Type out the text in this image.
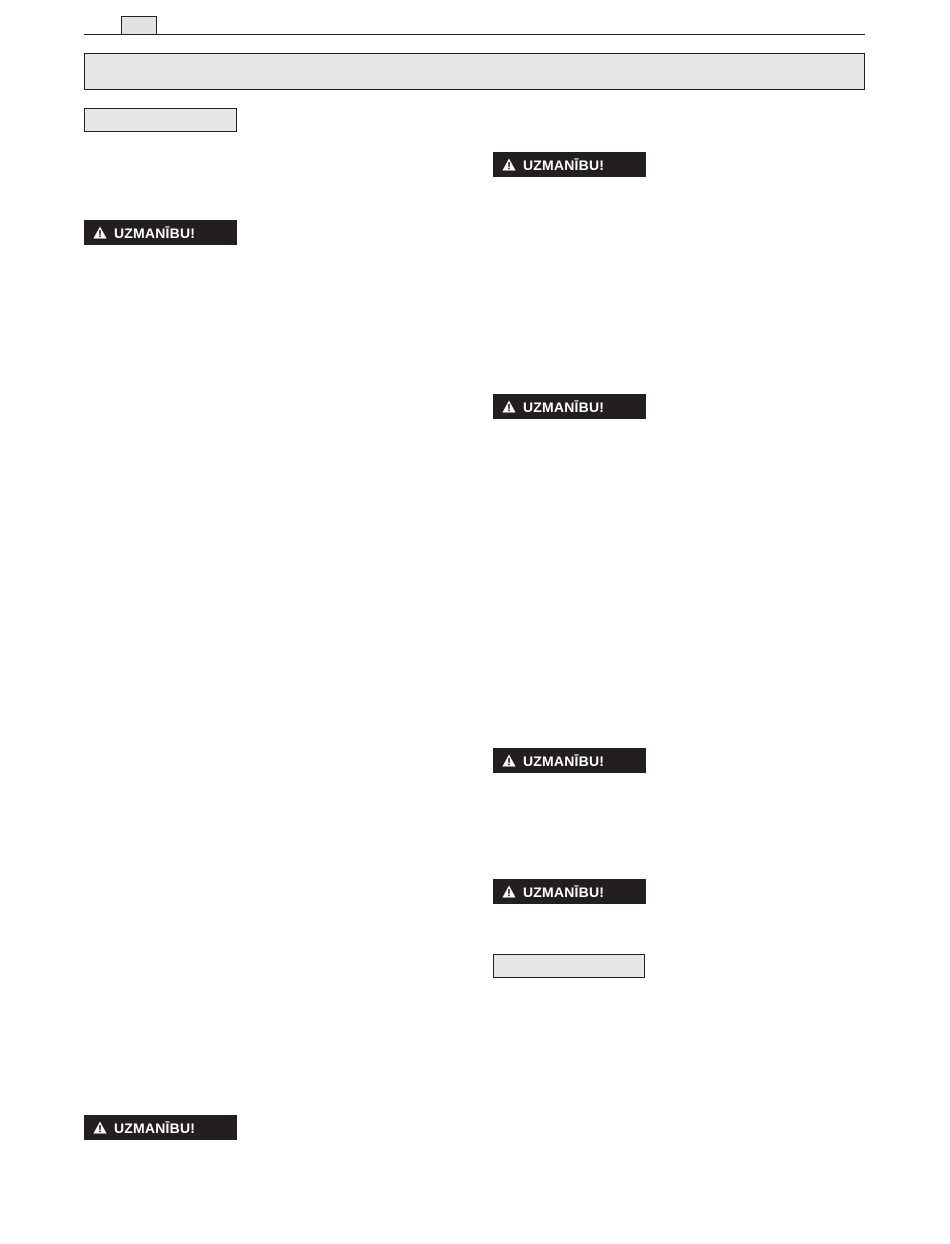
UZMANĪBU!
UZMANĪBU!
UZMANĪBU!
UZMANĪBU!
UZMANĪBU!
UZMANĪBU!
